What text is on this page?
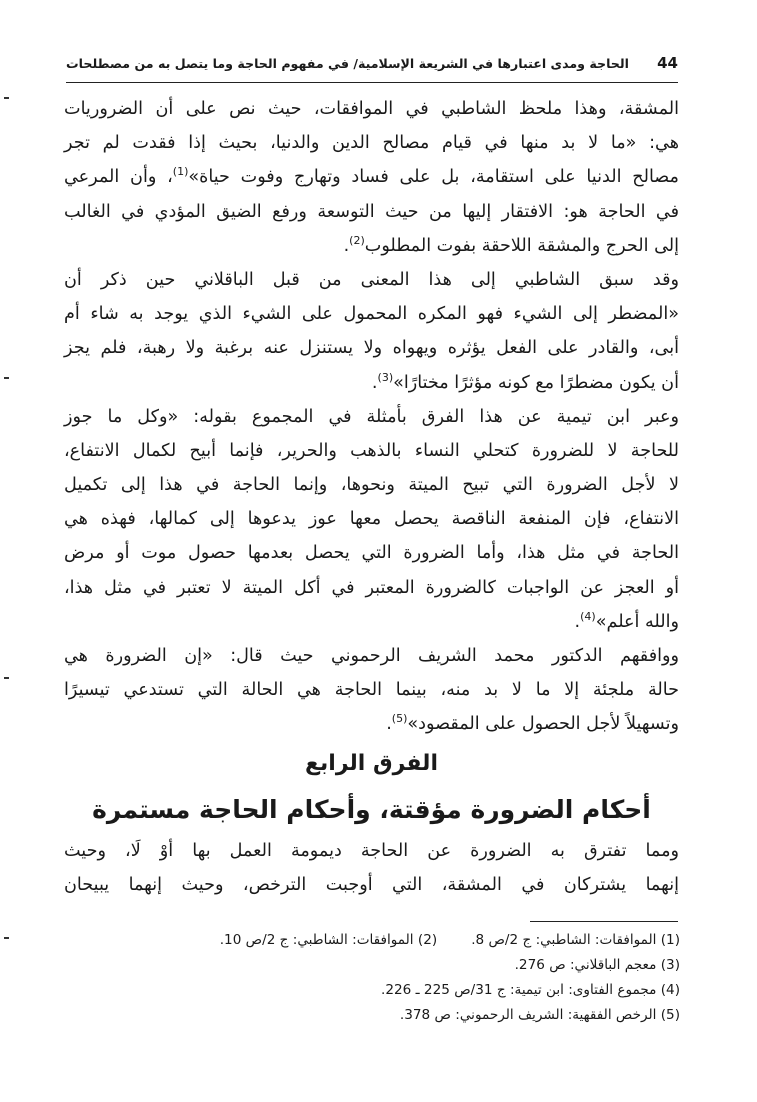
44
الحاجة ومدى اعتبارها في الشريعة الإسلامية/ في مفهوم الحاجة وما يتصل به من مصطلحات
المشقة، وهذا ملحظ الشاطبي في الموافقات، حيث نص على أن الضروريات
هي: «ما لا بد منها في قيام مصالح الدين والدنيا، بحيث إذا فقدت لم تجر
مصالح الدنيا على استقامة، بل على فساد وتهارج وفوت حياة»$^{(1)}$، وأن المرعي
في الحاجة هو: الافتقار إليها من حيث التوسعة ورفع الضيق المؤدي في الغالب
إلى الحرج والمشقة اللاحقة بفوت المطلوب$^{(2)}$.
وقد سبق الشاطبي إلى هذا المعنى من قبل الباقلاني حين ذكر أن
«المضطر إلى الشيء فهو المكره المحمول على الشيء الذي يوجد به شاء أم
أبى، والقادر على الفعل يؤثره ويهواه ولا يستنزل عنه برغبة ولا رهبة، فلم يجز
أن يكون مضطرًا مع كونه مؤثرًا مختارًا»$^{(3)}$.
وعبر ابن تيمية عن هذا الفرق بأمثلة في المجموع بقوله: «وكل ما جوز
للحاجة لا للضرورة كتحلي النساء بالذهب والحرير، فإنما أبيح لكمال الانتفاع،
لا لأجل الضرورة التي تبيح الميتة ونحوها، وإنما الحاجة في هذا إلى تكميل
الانتفاع، فإن المنفعة الناقصة يحصل معها عوز يدعوها إلى كمالها، فهذه هي
الحاجة في مثل هذا، وأما الضرورة التي يحصل بعدمها حصول موت أو مرض
أو العجز عن الواجبات كالضرورة المعتبر في أكل الميتة لا تعتبر في مثل هذا،
والله أعلم»$^{(4)}$.
ووافقهم الدكتور محمد الشريف الرحموني حيث قال: «إن الضرورة هي
حالة ملجئة إلا ما لا بد منه، بينما الحاجة هي الحالة التي تستدعي تيسيرًا
وتسهيلاً لأجل الحصول على المقصود»$^{(5)}$.
الفرق الرابع
أحكام الضرورة مؤقتة، وأحكام الحاجة مستمرة
ومما تفترق به الضرورة عن الحاجة ديمومة العمل بها أوْ لَا، وحيث
إنهما يشتركان في المشقة، التي أوجبت الترخص، وحيث إنهما يبيحان
(1) الموافقات: الشاطبي: ج 2/ص 8.(2) الموافقات: الشاطبي: ج 2/ص 10.
(3) معجم الباقلاني: ص 276.
(4) مجموع الفتاوى: ابن تيمية: ج 31/ص 225 ـ 226.
(5) الرخص الفقهية: الشريف الرحموني: ص 378.
